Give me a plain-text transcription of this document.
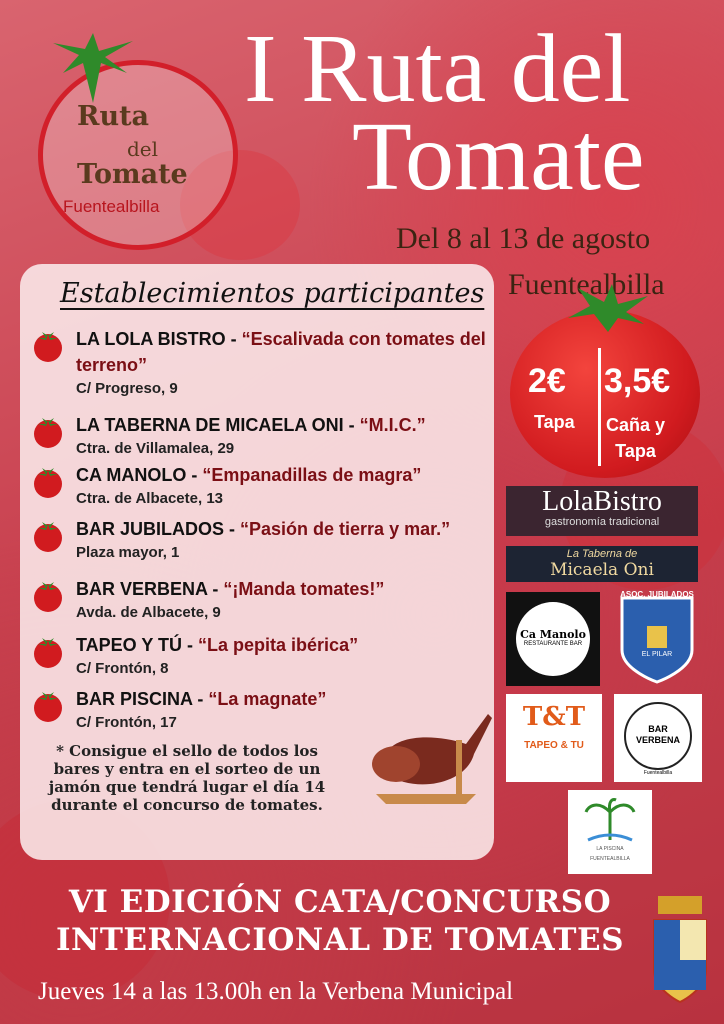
Ruta
del
Tomate
Fuentealbilla
I Ruta del
Tomate
Del 8 al 13 de agosto
Fuentealbilla
2€ 3,5€
Tapa Caña y
Tapa
Establecimientos participantes
LA LOLA BISTRO - “Escalivada con tomates del terreno”
C/ Progreso, 9
LA TABERNA DE MICAELA ONI - “M.I.C.”
Ctra. de Villamalea, 29
CA MANOLO - “Empanadillas de magra”
Ctra. de Albacete, 13
BAR JUBILADOS - “Pasión de tierra y mar.”
Plaza mayor, 1
BAR VERBENA - “¡Manda tomates!”
Avda. de Albacete, 9
TAPEO Y TÚ - “La pepita ibérica”
C/ Frontón, 8
BAR PISCINA - “La magnate”
C/ Frontón, 17
* Consigue el sello de todos los bares y entra en el sorteo de un jamón que tendrá lugar el día 14 durante el concurso de tomates.
LolaBistro
gastronomía tradicional
La Taberna de
Micaela Oni
Ca Manolo
RESTAURANTE BAR
ASOC. JUBILADOS
EL PILAR
T&T
TAPEO & TU
BAR
VERBENA
Fuentealbilla
LA PISCINA
FUENTEALBILLA
VI EDICIÓN CATA/CONCURSO
INTERNACIONAL DE TOMATES
Jueves 14 a las 13.00h en la Verbena Municipal
